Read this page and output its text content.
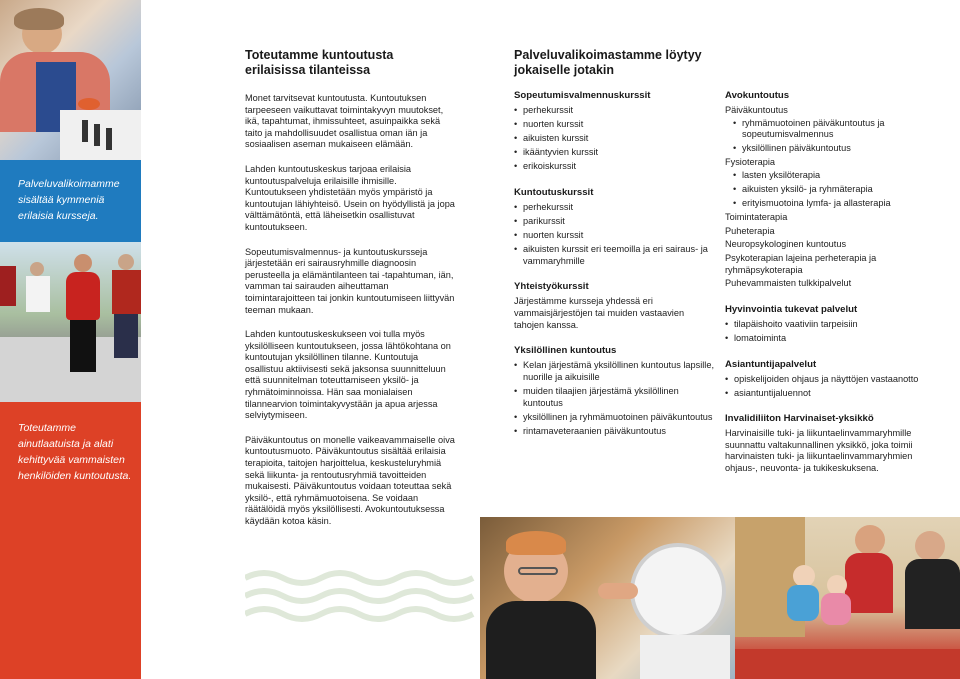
Palveluvalikoimamme sisältää kymmeniä erilaisia kursseja.

Toteutamme ainutlaatuista ja alati kehittyvää vammaisten henkilöiden kuntoutusta.

Toteutamme kuntoutusta erilaisissa tilanteissa

Monet tarvitsevat kuntoutusta. Kuntoutuksen tarpeeseen vaikuttavat toimintakyvyn muutokset, ikä, tapahtumat, ihmissuhteet, asuinpaikka sekä taito ja mahdollisuudet osallistua oman iän ja sosiaalisen aseman mukaiseen elämään.

Lahden kuntoutuskeskus tarjoaa erilaisia kuntoutuspalveluja erilaisille ihmisille. Kuntoutukseen yhdistetään myös ympäristö ja kuntoutujan lähiyhteisö. Usein on hyödyllistä ja jopa välttämätöntä, että läheisetkin osallistuvat kuntoutukseen.

Sopeutumisvalmennus- ja kuntoutuskursseja järjestetään eri sairausryhmille diagnoosin perusteella ja elämäntilanteen tai -tapahtuman, iän, vamman tai sairauden aiheuttaman toimintarajoitteen tai jonkin kuntoutumiseen liittyvän teeman mukaan.

Lahden kuntoutuskeskukseen voi tulla myös yksilölliseen kuntoutukseen, jossa lähtökohtana on kuntoutujan yksilöllinen tilanne. Kuntoutuja osallistuu aktiivisesti sekä jaksonsa suunnitteluun että suunnitelman toteuttamiseen yksilö- ja ryhmätoiminnoissa. Hän saa monialaisen tilannearvion toimintakyvystään ja apua arjessa selviytymiseen.

Päiväkuntoutus on monelle vaikeavammaiselle oiva kuntoutusmuoto. Päiväkuntoutus sisältää erilaisia terapioita, taitojen harjoittelua, keskusteluryhmiä sekä liikunta- ja rentoutusryhmiä tavoitteiden mukaisesti. Päiväkuntoutus voidaan toteuttaa sekä yksilö-, että ryhmämuotoisena. Se voidaan räätälöidä myös yksilöllisesti. Avokuntoutuksessa käydään kotoa käsin.

Palveluvalikoimastamme löytyy jokaiselle jotakin
Sopeutumisvalmennuskurssit
• perhekurssit
• nuorten kurssit
• aikuisten kurssit
• ikääntyvien kurssit
• erikoiskurssit
Kuntoutuskurssit
• perhekurssit
• parikurssit
• nuorten kurssit
• aikuisten kurssit eri teemoilla ja eri sairaus- ja vammaryhmille
Yhteistyökurssit

Järjestämme kursseja yhdessä eri vammaisjärjestöjen tai muiden vastaavien tahojen kanssa.

Yksilöllinen kuntoutus
• Kelan järjestämä yksilöllinen kuntoutus lapsille, nuorille ja aikuisille
• muiden tilaajien järjestämä yksilöllinen kuntoutus
• yksilöllinen ja ryhmämuotoinen päiväkuntoutus
• rintamaveteraanien päiväkuntoutus
Avokuntoutus

Päiväkuntoutus

• ryhmämuotoinen päiväkuntoutus ja sopeutumisvalmennus
• yksilöllinen päiväkuntoutus

Fysioterapia

• lasten yksilöterapia
• aikuisten yksilö- ja ryhmäterapia
• erityismuotoina lymfa- ja allasterapia

Toimintaterapia

Puheterapia

Neuropsykologinen kuntoutus

Psykoterapian lajeina perheterapia ja ryhmäpsykoterapia

Puhevammaisten tulkkipalvelut

Hyvinvointia tukevat palvelut
• tilapäishoito vaativiin tarpeisiin
• lomatoiminta
Asiantuntijapalvelut
• opiskelijoiden ohjaus ja näyttöjen vastaanotto
• asiantuntijaluennot
Invalidiliiton Harvinaiset-yksikkö

Harvinaisille tuki- ja liikuntaelinvammaryhmille suunnattu valtakunnallinen yksikkö, joka toimii harvinaisten tuki- ja liikuntaelinvammaryhmien ohjaus-, neuvonta- ja tukikeskuksena.
